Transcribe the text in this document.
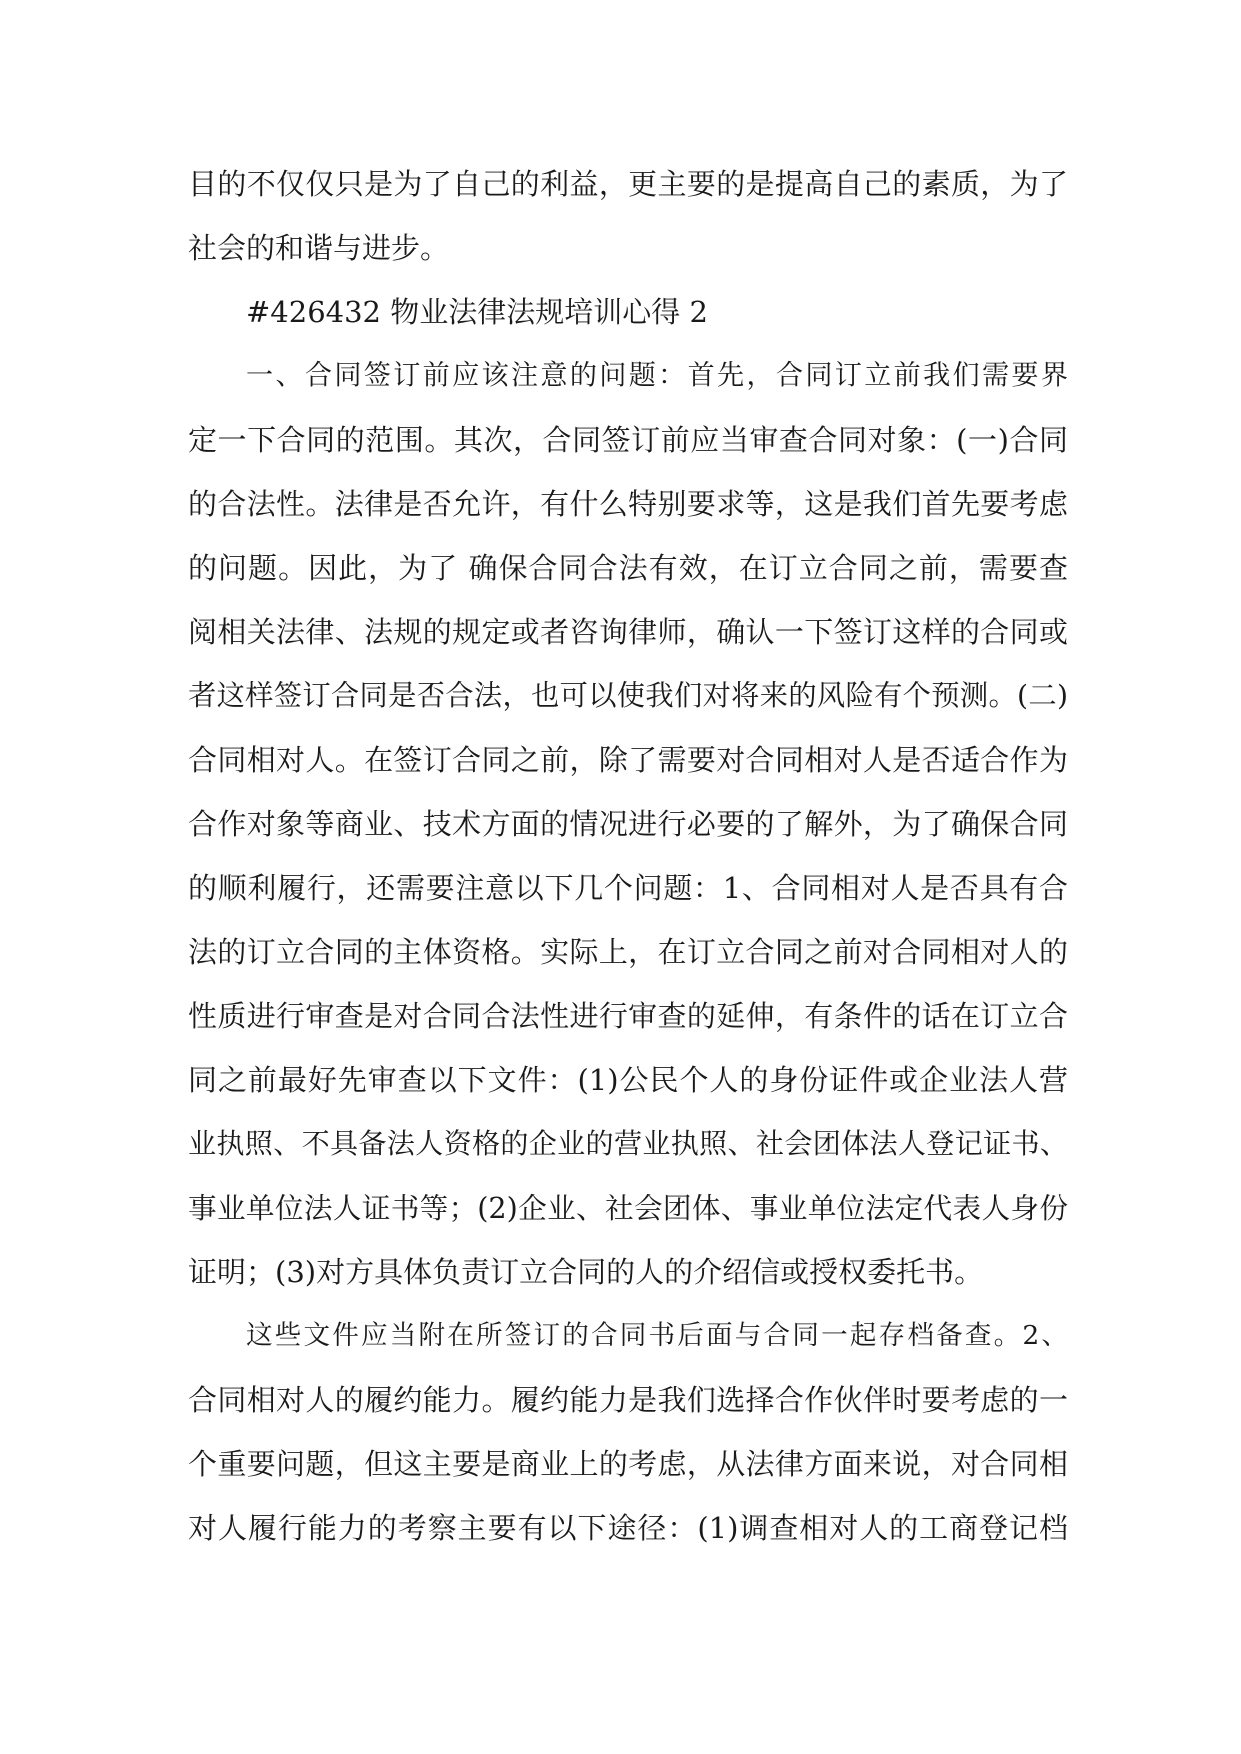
目的不仅仅只是为了自己的利益，更主要的是提高自己的素质，为了
社会的和谐与进步。
#426432 物业法律法规培训心得 2
一、合同签订前应该注意的问题：首先，合同订立前我们需要界
定一下合同的范围。其次，合同签订前应当审查合同对象：(一)合同
的合法性。法律是否允许，有什么特别要求等，这是我们首先要考虑
的问题。因此，为了 确保合同合法有效，在订立合同之前，需要查
阅相关法律、法规的规定或者咨询律师，确认一下签订这样的合同或
者这样签订合同是否合法，也可以使我们对将来的风险有个预测。(二)
合同相对人。在签订合同之前，除了需要对合同相对人是否适合作为
合作对象等商业、技术方面的情况进行必要的了解外，为了确保合同
的顺利履行，还需要注意以下几个问题：1、合同相对人是否具有合
法的订立合同的主体资格。实际上，在订立合同之前对合同相对人的
性质进行审查是对合同合法性进行审查的延伸，有条件的话在订立合
同之前最好先审查以下文件：(1)公民个人的身份证件或企业法人营
业执照、不具备法人资格的企业的营业执照、社会团体法人登记证书、
事业单位法人证书等；(2)企业、社会团体、事业单位法定代表人身份
证明；(3)对方具体负责订立合同的人的介绍信或授权委托书。
这些文件应当附在所签订的合同书后面与合同一起存档备查。2、
合同相对人的履约能力。履约能力是我们选择合作伙伴时要考虑的一
个重要问题，但这主要是商业上的考虑，从法律方面来说，对合同相
对人履行能力的考察主要有以下途径：(1)调查相对人的工商登记档
